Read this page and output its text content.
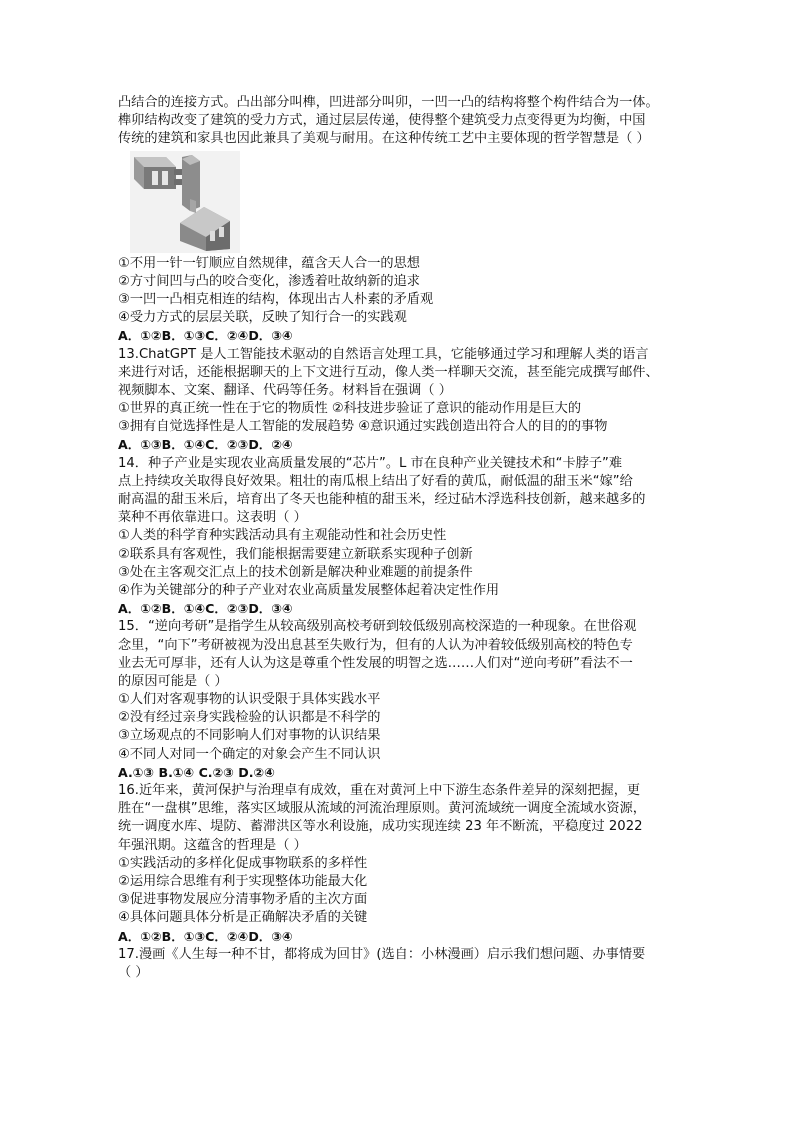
凸结合的连接方式。凸出部分叫榫，凹进部分叫卯，一凹一凸的结构将整个构件结合为一体。
榫卯结构改变了建筑的受力方式，通过层层传递，使得整个建筑受力点变得更为均衡，中国
传统的建筑和家具也因此兼具了美观与耐用。在这种传统工艺中主要体现的哲学智慧是（ ）
①不用一针一钉顺应自然规律，蕴含天人合一的思想
②方寸间凹与凸的咬合变化，渗透着吐故纳新的追求
③一凹一凸相克相连的结构，体现出古人朴素的矛盾观
④受力方式的层层关联，反映了知行合一的实践观
A．①②B．①③C．②④D．③④
13.ChatGPT 是人工智能技术驱动的自然语言处理工具，它能够通过学习和理解人类的语言
来进行对话，还能根据聊天的上下文进行互动，像人类一样聊天交流，甚至能完成撰写邮件、
视频脚本、文案、翻译、代码等任务。材料旨在强调（ ）
①世界的真正统一性在于它的物质性 ②科技进步验证了意识的能动作用是巨大的
③拥有自觉选择性是人工智能的发展趋势 ④意识通过实践创造出符合人的目的的事物
A．①③B．①④C．②③D．②④
14．种子产业是实现农业高质量发展的“芯片”。L 市在良种产业关键技术和“卡脖子”难
点上持续攻关取得良好效果。粗壮的南瓜根上结出了好看的黄瓜，耐低温的甜玉米“嫁”给
耐高温的甜玉米后，培育出了冬天也能种植的甜玉米，经过砧木浮选科技创新，越来越多的
菜种不再依靠进口。这表明（ ）
①人类的科学育种实践活动具有主观能动性和社会历史性
②联系具有客观性，我们能根据需要建立新联系实现种子创新
③处在主客观交汇点上的技术创新是解决种业难题的前提条件
④作为关键部分的种子产业对农业高质量发展整体起着决定性作用
A．①②B．①④C．②③D．③④
15．“逆向考研”是指学生从较高级别高校考研到较低级别高校深造的一种现象。在世俗观
念里，“向下”考研被视为没出息甚至失败行为，但有的人认为冲着较低级别高校的特色专
业去无可厚非，还有人认为这是尊重个性发展的明智之选……人们对“逆向考研”看法不一
的原因可能是（ ）
①人们对客观事物的认识受限于具体实践水平
②没有经过亲身实践检验的认识都是不科学的
③立场观点的不同影响人们对事物的认识结果
④不同人对同一个确定的对象会产生不同认识
A.①③ B.①④ C.②③ D.②④
16.近年来，黄河保护与治理卓有成效，重在对黄河上中下游生态条件差异的深刻把握，更
胜在“一盘棋”思维，落实区域服从流域的河流治理原则。黄河流域统一调度全流域水资源，
统一调度水库、堤防、蓄滞洪区等水利设施，成功实现连续 23 年不断流，平稳度过 2022
年强汛期。这蕴含的哲理是（ ）
①实践活动的多样化促成事物联系的多样性
②运用综合思维有利于实现整体功能最大化
③促进事物发展应分清事物矛盾的主次方面
④具体问题具体分析是正确解决矛盾的关键
A．①②B．①③C．②④D．③④
17.漫画《人生每一种不甘，都将成为回甘》(选自：小林漫画）启示我们想问题、办事情要
（ ）
